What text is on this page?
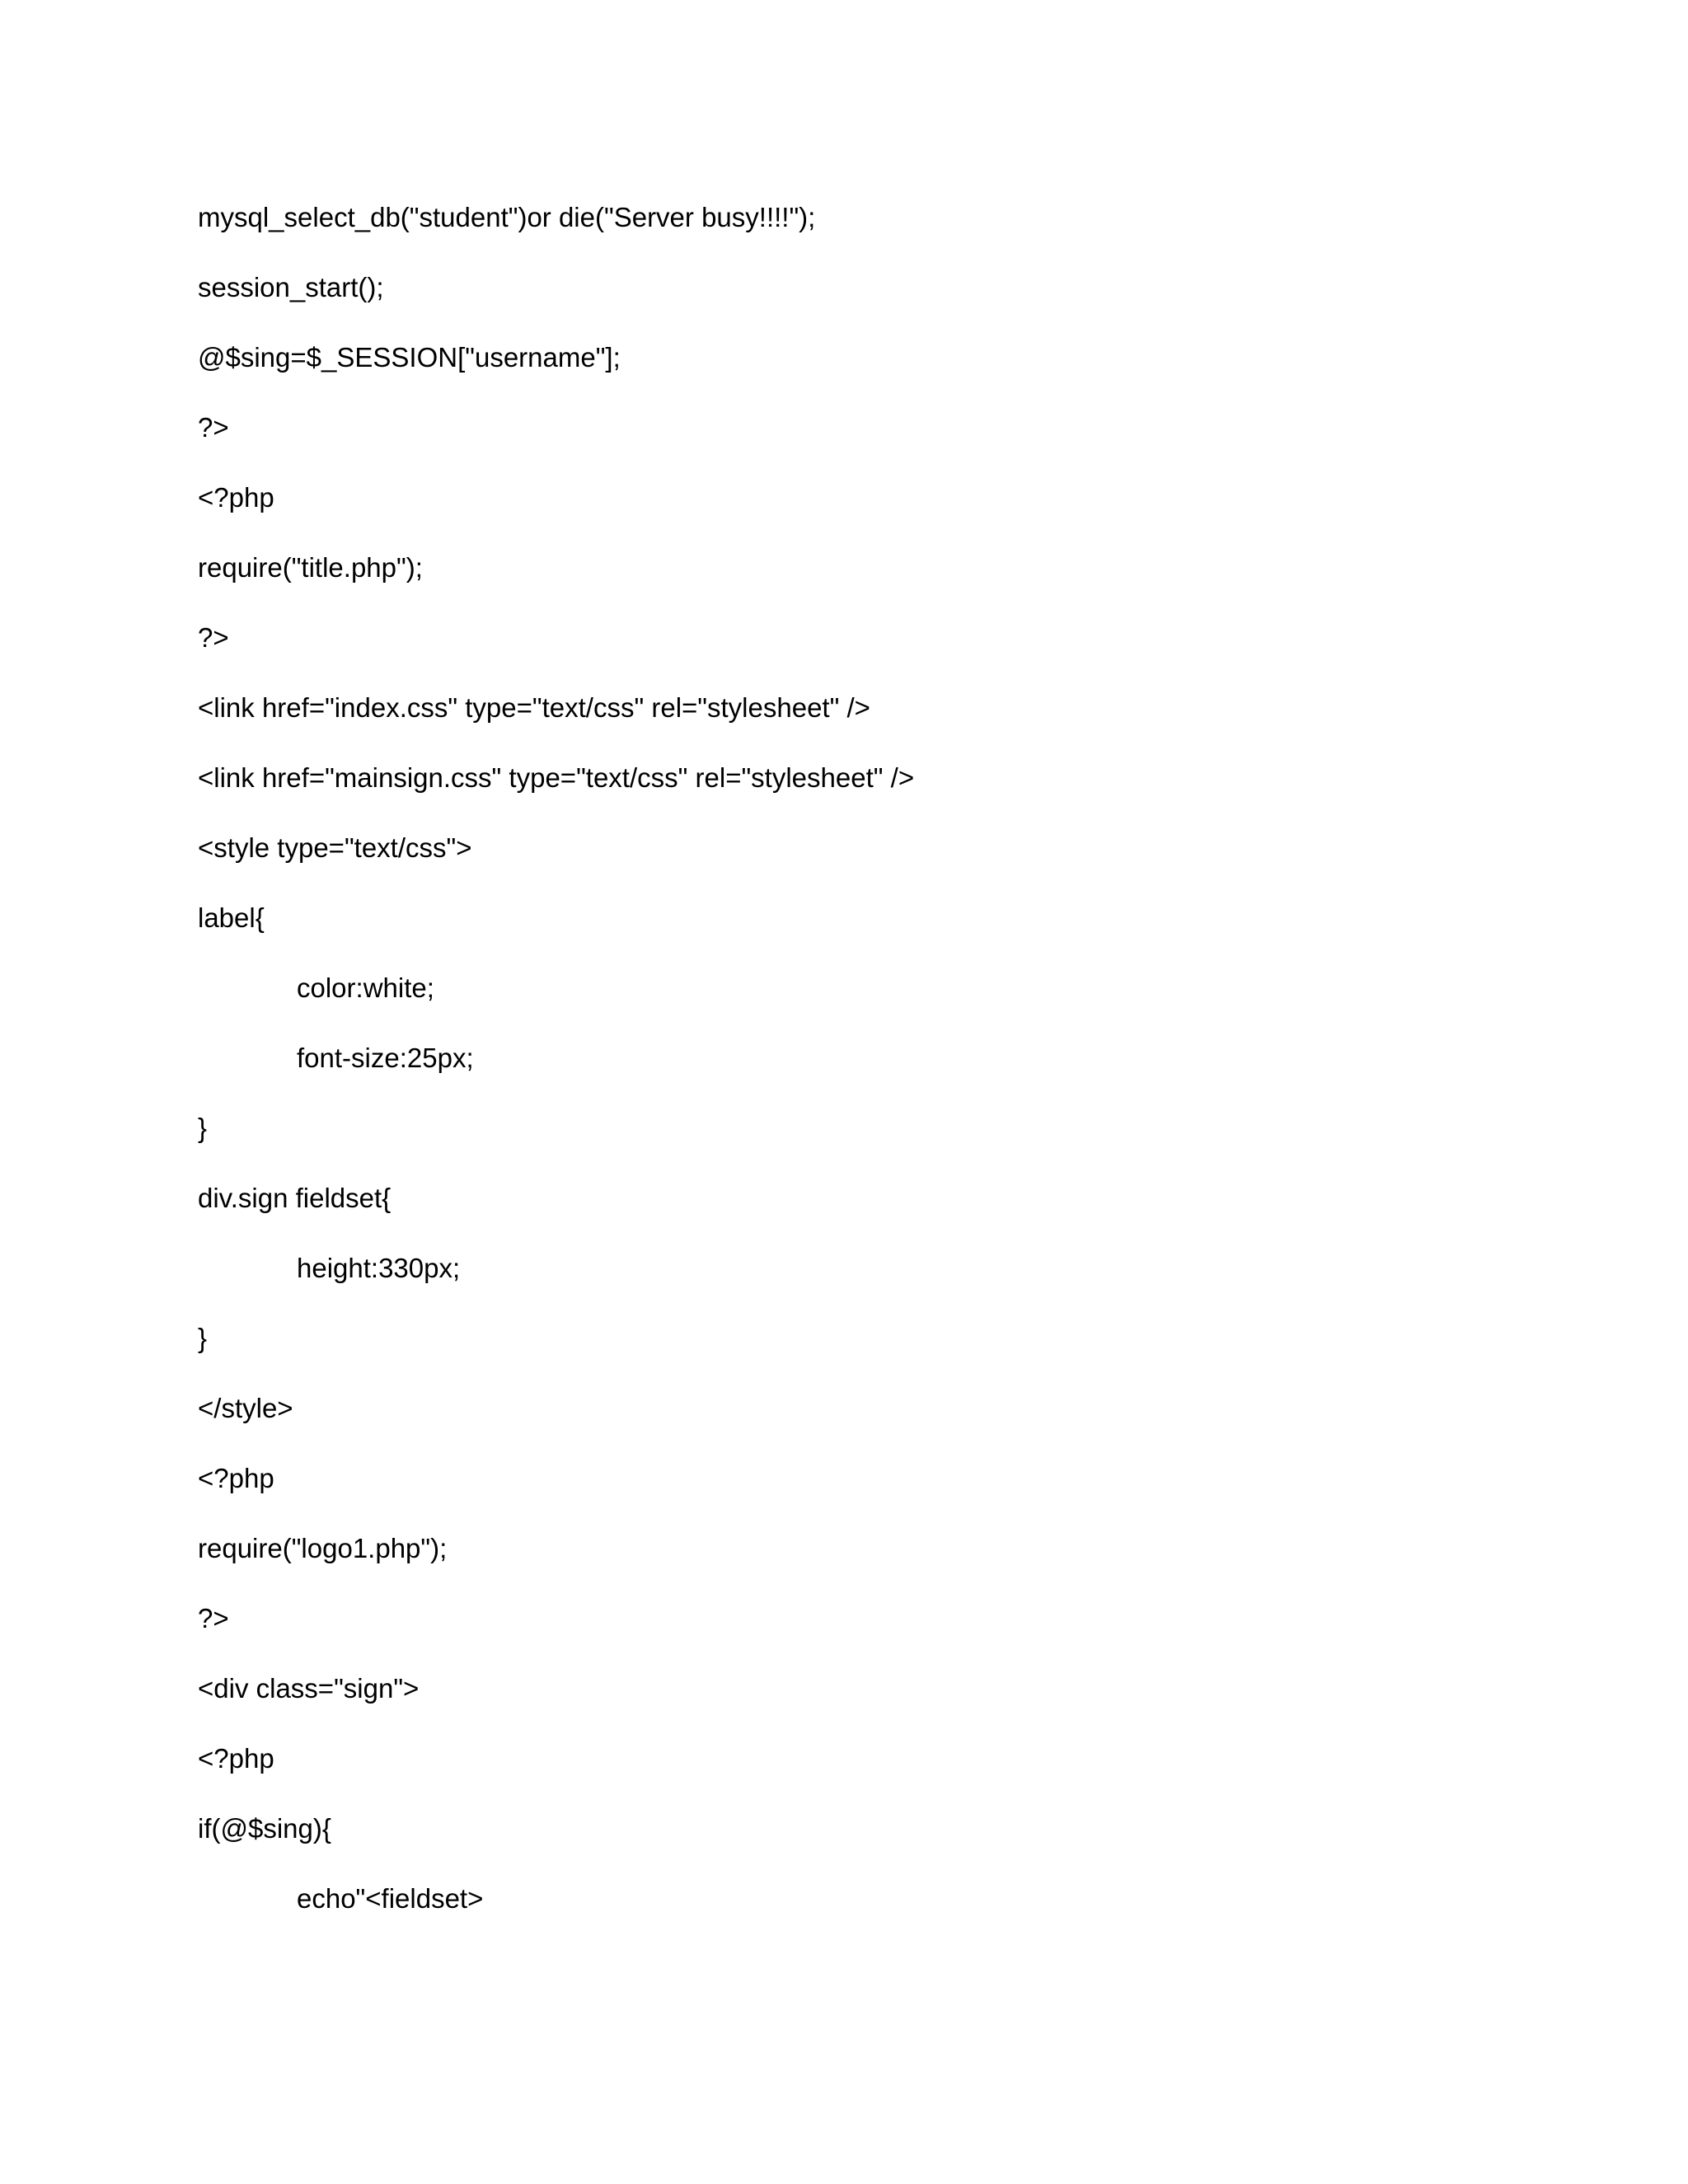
mysql_select_db("student")or die("Server busy!!!!");
session_start();
@$sing=$_SESSION["username"];
?>
<?php
require("title.php");
?>
<link href="index.css" type="text/css" rel="stylesheet" />
<link href="mainsign.css" type="text/css" rel="stylesheet" />
<style type="text/css">
label{
color:white;
font-size:25px;
}
div.sign fieldset{
height:330px;
}
</style>
<?php
require("logo1.php");
?>
<div class="sign">
<?php
if(@$sing){
echo"<fieldset>
